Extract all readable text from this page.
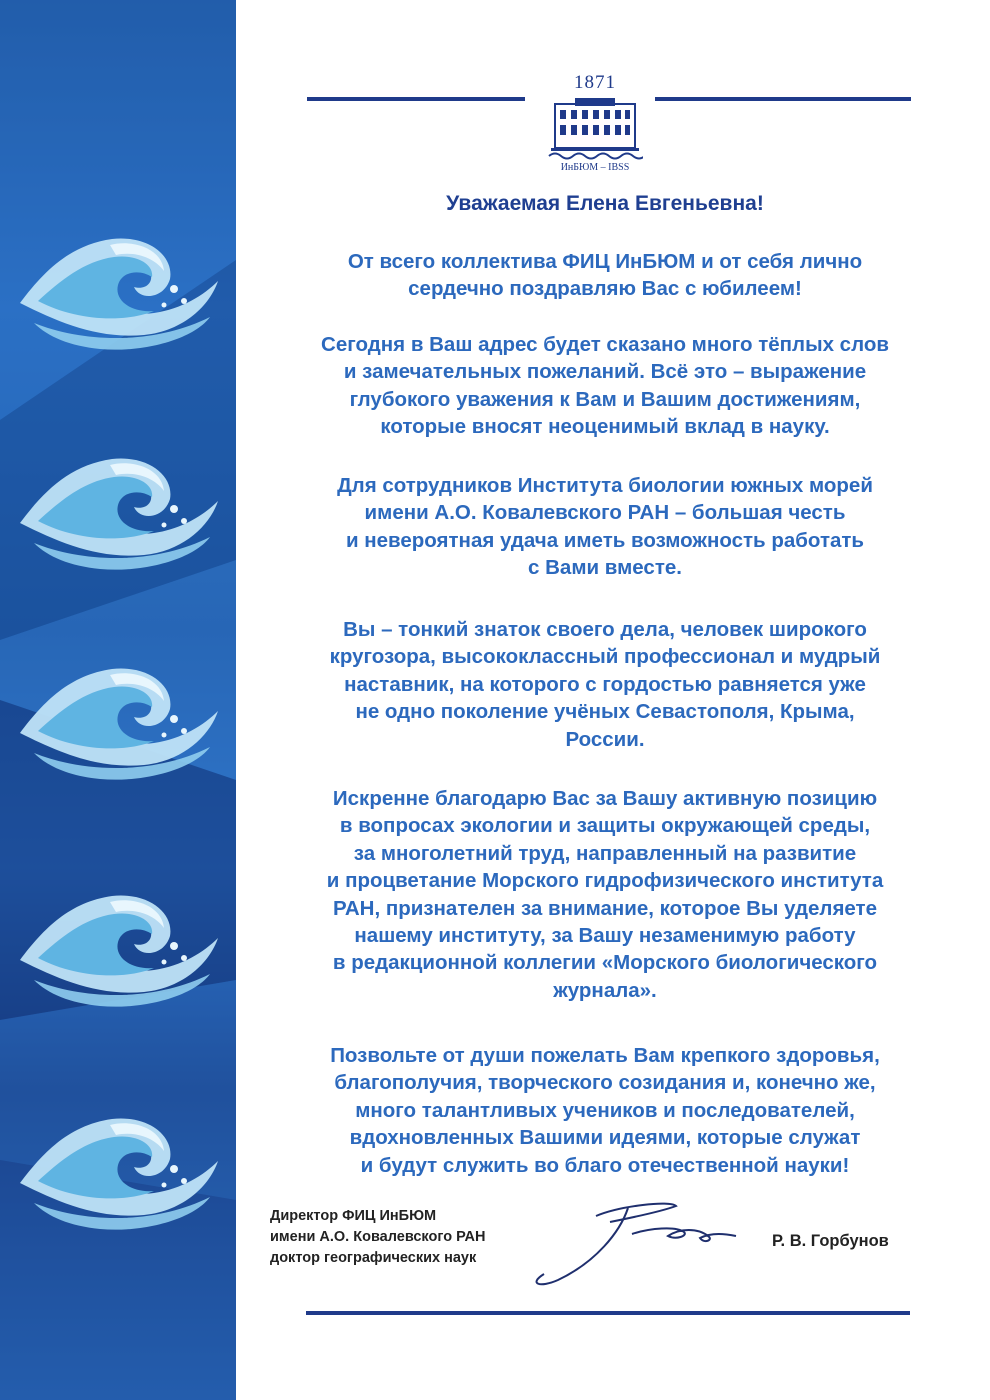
1871
ИнБЮМ – IBSS
Уважаемая Елена Евгеньевна!
От всего коллектива ФИЦ ИнБЮМ и от себя лично
сердечно поздравляю Вас с юбилеем!
Сегодня в Ваш адрес будет сказано много тёплых слов
и замечательных пожеланий. Всё это – выражение
глубокого уважения к Вам и Вашим достижениям,
которые вносят неоценимый вклад в науку.
Для сотрудников Института биологии южных морей
имени А.О. Ковалевского РАН – большая честь
и невероятная удача иметь возможность работать
с Вами вместе.
Вы – тонкий знаток своего дела, человек широкого
кругозора, высококлассный профессионал и мудрый
наставник, на которого с гордостью равняется уже
не одно поколение учёных Севастополя, Крыма,
России.
Искренне благодарю Вас за Вашу активную позицию
в вопросах экологии и защиты окружающей среды,
за многолетний труд, направленный на развитие
и процветание Морского гидрофизического института
РАН, признателен за внимание, которое Вы уделяете
нашему институту, за Вашу незаменимую работу
в редакционной коллегии «Морского биологического
журнала».
Позвольте от души пожелать Вам крепкого здоровья,
благополучия, творческого созидания и, конечно же,
много талантливых учеников и последователей,
вдохновленных Вашими идеями, которые служат
и будут служить во благо отечественной науки!
Директор ФИЦ ИнБЮМ
имени А.О. Ковалевского РАН
доктор географических наук
Р. В. Горбунов
